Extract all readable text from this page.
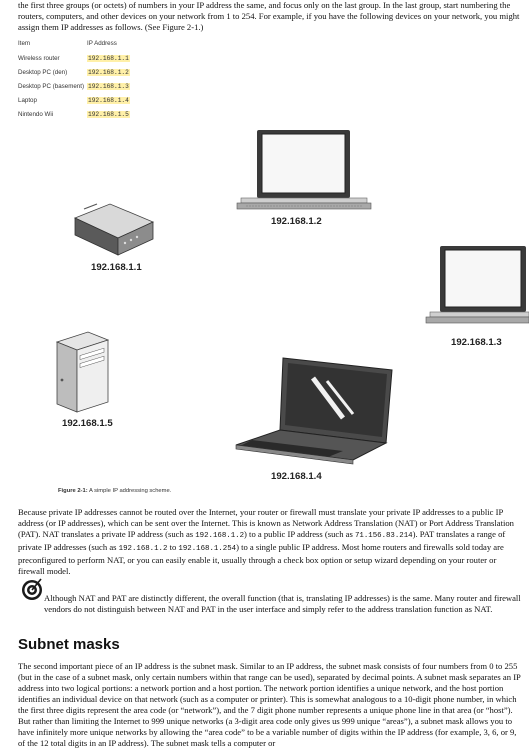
the first three groups (or octets) of numbers in your IP address the same, and focus only on the last group. In the last group, start numbering the routers, computers, and other devices on your network from 1 to 254. For example, if you have the following devices on your network, you might assign them IP addresses as follows. (See Figure 2-1.)

Item	IP Address
Wireless router	192.168.1.1
Desktop PC (den)	192.168.1.2
Desktop PC (basement) 192.168.1.3
Laptop	192.168.1.4
Nintendo Wii	192.168.1.5
192.168.1.2
192.168.1.1
192.168.1.3
192.168.1.5
192.168.1.4
Figure 2-1: A simple IP addressing scheme.

Because private IP addresses cannot be routed over the Internet, your router or firewall must translate your private IP addresses to a public IP address (or IP addresses), which can be sent over the Internet. This is known as Network Address Translation (NAT) or Port Address Translation (PAT). NAT translates a private IP address (such as 192.168.1.2) to a public IP address (such as 71.156.83.214). PAT translates a range of private IP addresses (such as 192.168.1.2 to 192.168.1.254) to a single public IP address. Most home routers and firewalls sold today are preconfigured to perform NAT, or you can easily enable it, usually through a check box option or setup wizard depending on your router or firewall model.

Although NAT and PAT are distinctly different, the overall function (that is, translating IP addresses) is the same. Many router and firewall vendors do not distinguish between NAT and PAT in the user interface and simply refer to the address translation function as NAT.

Subnet masks

The second important piece of an IP address is the subnet mask. Similar to an IP address, the subnet mask consists of four numbers from 0 to 255 (but in the case of a subnet mask, only certain numbers within that range can be used), separated by decimal points. A subnet mask separates an IP address into two logical portions: a network portion and a host portion. The network portion identifies a unique network, and the host portion identifies an individual device on that network (such as a computer or printer). This is somewhat analogous to a 10-digit phone number, in which the first three digits represent the area code (or “network”), and the 7 digit phone number represents a unique phone line in that area (or “host”). But rather than limiting the Internet to 999 unique networks (a 3-digit area code only gives us 999 unique “areas”), a subnet mask allows you to have infinitely more unique networks by allowing the “area code” to be a variable number of digits within the IP address (for example, 3, 6, or 9, of the 12 total digits in an IP address). The subnet mask tells a computer or
